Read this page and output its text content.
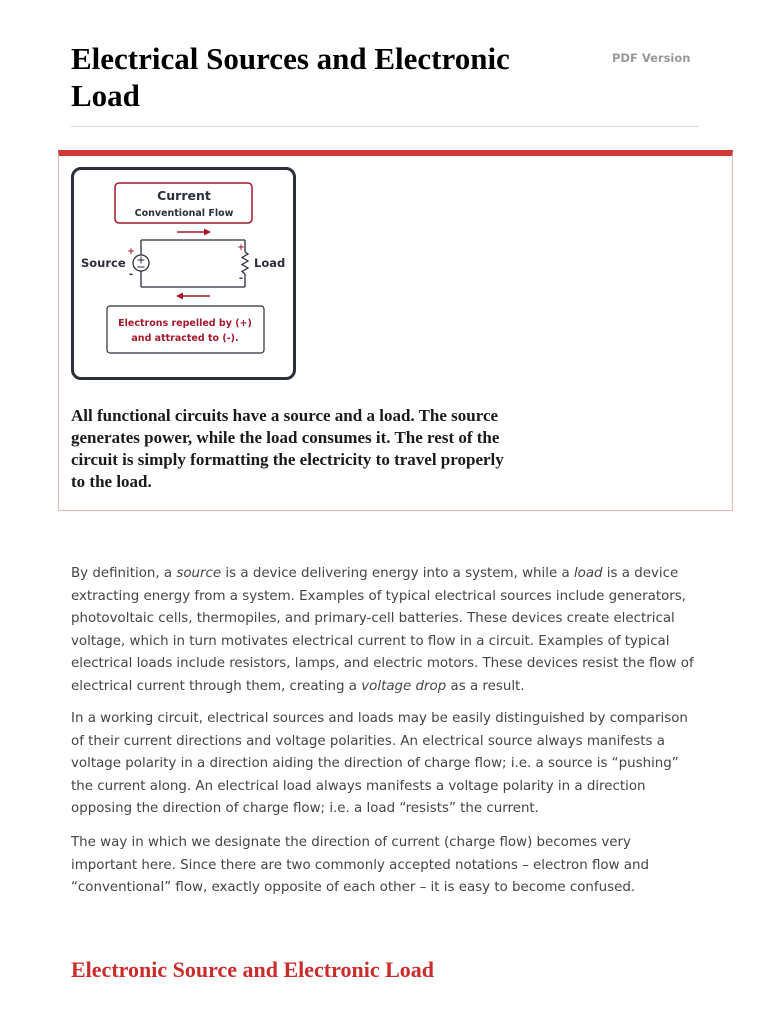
Electrical Sources and Electronic Load
PDF Version
Current
Conventional Flow
+
-
Source
+
-
Load
Electrons repelled by (+)
and attracted to (-).

All functional circuits have a source and a load. The source generates power, while the load consumes it. The rest of the circuit is simply formatting the electricity to travel properly to the load.

By definition, a source is a device delivering energy into a system, while a load is a device extracting energy from a system. Examples of typical electrical sources include generators, photovoltaic cells, thermopiles, and primary-cell batteries. These devices create electrical voltage, which in turn motivates electrical current to flow in a circuit. Examples of typical electrical loads include resistors, lamps, and electric motors. These devices resist the flow of electrical current through them, creating a voltage drop as a result.

In a working circuit, electrical sources and loads may be easily distinguished by comparison of their current directions and voltage polarities. An electrical source always manifests a voltage polarity in a direction aiding the direction of charge flow; i.e. a source is “pushing” the current along. An electrical load always manifests a voltage polarity in a direction opposing the direction of charge flow; i.e. a load “resists” the current.

The way in which we designate the direction of current (charge flow) becomes very important here. Since there are two commonly accepted notations – electron flow and “conventional” flow, exactly opposite of each other – it is easy to become confused.

Electronic Source and Electronic Load
